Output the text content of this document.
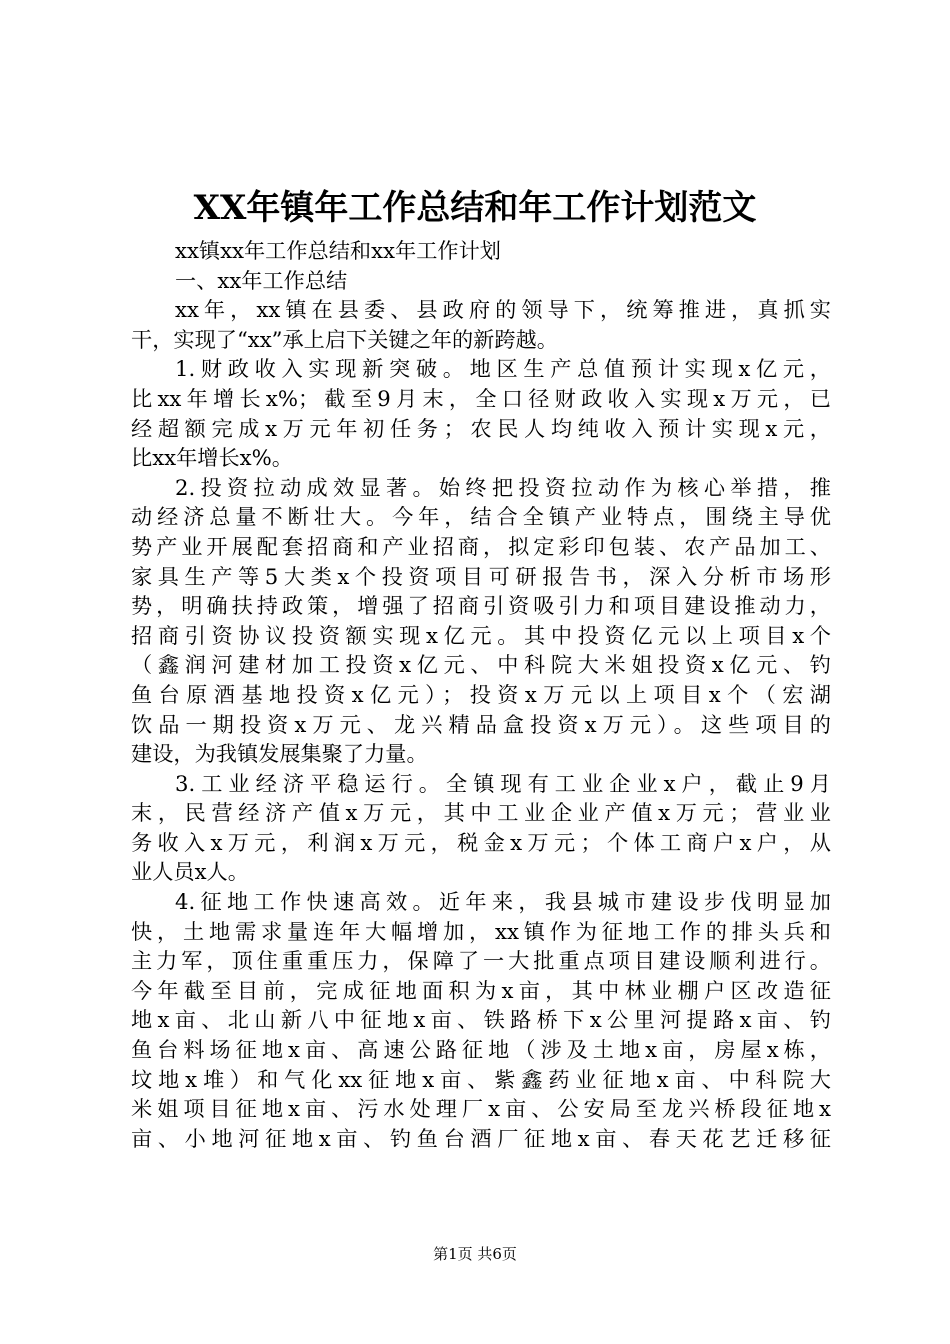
XX年镇年工作总结和年工作计划范文
xx镇xx年工作总结和xx年工作计划
一、xx年工作总结
xx年，xx镇在县委、县政府的领导下，统筹推进，真抓实
干，实现了“xx”承上启下关键之年的新跨越。
1.财政收入实现新突破。地区生产总值预计实现x亿元，
比xx年增长x%；截至9月末，全口径财政收入实现x万元，已
经超额完成x万元年初任务；农民人均纯收入预计实现x元，
比xx年增长x%。
2.投资拉动成效显著。始终把投资拉动作为核心举措，推
动经济总量不断壮大。今年，结合全镇产业特点，围绕主导优
势产业开展配套招商和产业招商，拟定彩印包装、农产品加工、
家具生产等5大类x个投资项目可研报告书，深入分析市场形
势，明确扶持政策，增强了招商引资吸引力和项目建设推动力，
招商引资协议投资额实现x亿元。其中投资亿元以上项目x个
（鑫润河建材加工投资x亿元、中科院大米姐投资x亿元、钓
鱼台原酒基地投资x亿元）；投资x万元以上项目x个（宏湖
饮品一期投资x万元、龙兴精品盒投资x万元）。这些项目的
建设，为我镇发展集聚了力量。
3.工业经济平稳运行。全镇现有工业企业x户，截止9月
末，民营经济产值x万元，其中工业企业产值x万元；营业业
务收入x万元，利润x万元，税金x万元；个体工商户x户，从
业人员x人。
4.征地工作快速高效。近年来，我县城市建设步伐明显加
快，土地需求量连年大幅增加，xx镇作为征地工作的排头兵和
主力军，顶住重重压力，保障了一大批重点项目建设顺利进行。
今年截至目前，完成征地面积为x亩，其中林业棚户区改造征
地x亩、北山新八中征地x亩、铁路桥下x公里河提路x亩、钓
鱼台料场征地x亩、高速公路征地（涉及土地x亩，房屋x栋，
坟地x堆）和气化xx征地x亩、紫鑫药业征地x亩、中科院大
米姐项目征地x亩、污水处理厂x亩、公安局至龙兴桥段征地x
亩、小地河征地x亩、钓鱼台酒厂征地x亩、春天花艺迁移征
第1页 共6页
